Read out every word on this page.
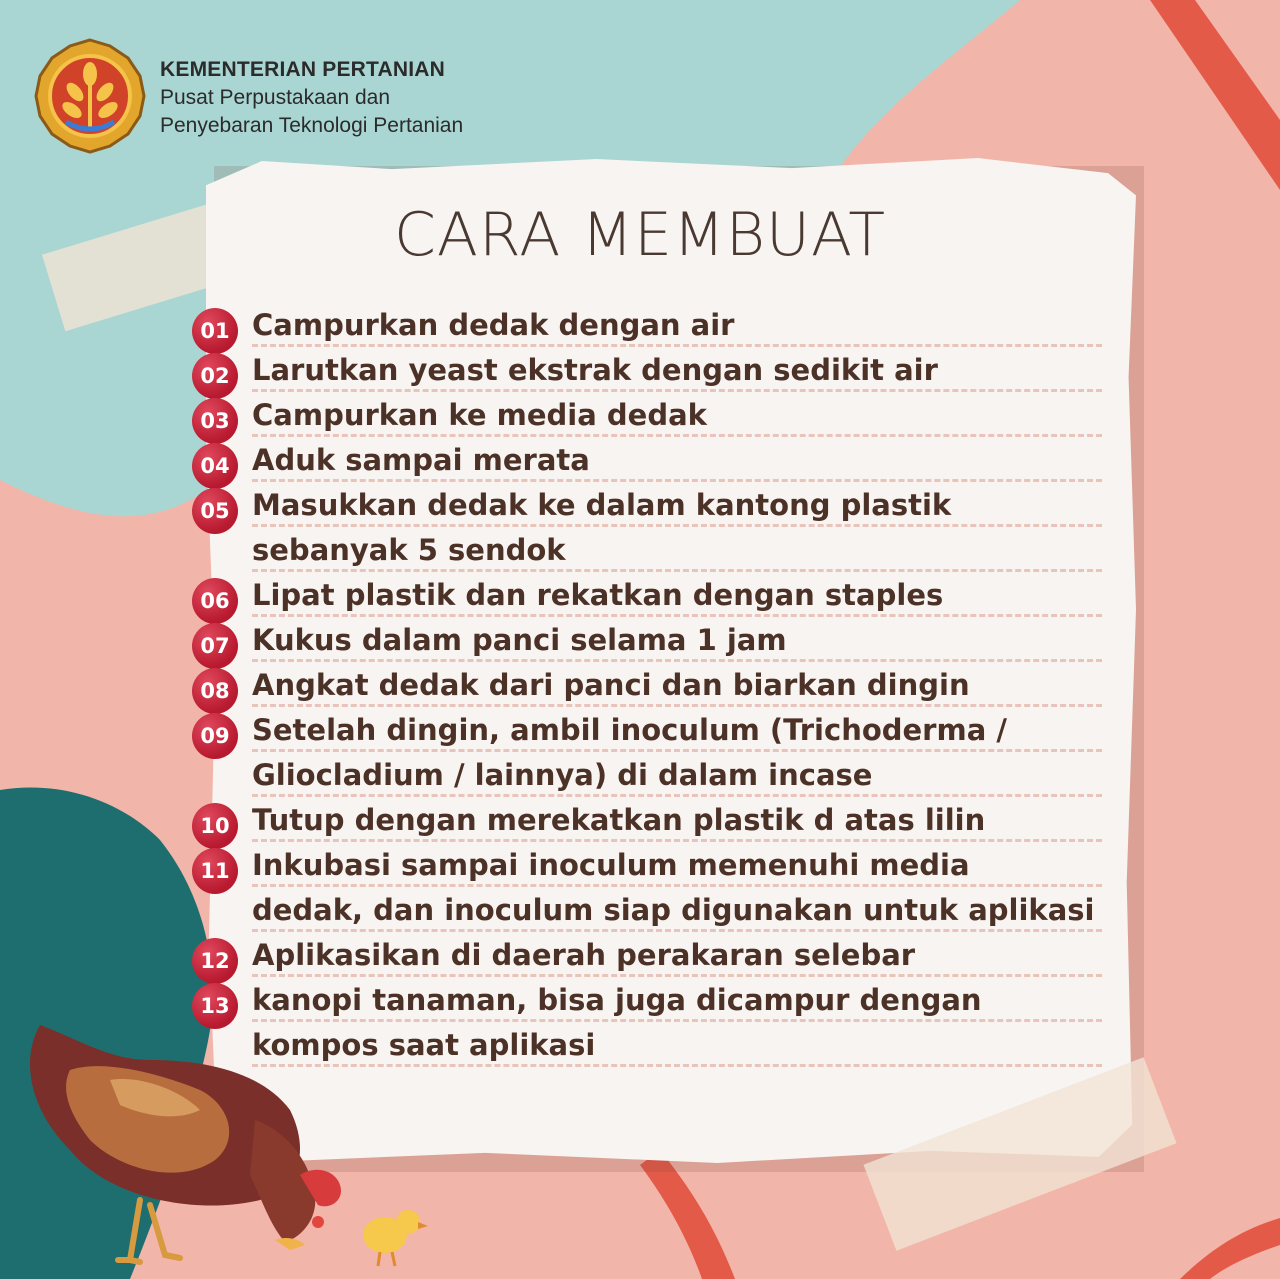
KEMENTERIAN PERTANIAN
Pusat Perpustakaan dan
Penyebaran Teknologi Pertanian
CARA MEMBUAT
01 Campurkan dedak dengan air
02 Larutkan yeast ekstrak dengan sedikit air
03 Campurkan ke media dedak
04 Aduk sampai merata
05 Masukkan dedak ke dalam kantong plastik
sebanyak 5 sendok
06 Lipat plastik dan rekatkan dengan staples
07 Kukus dalam panci selama 1 jam
08 Angkat dedak dari panci dan biarkan dingin
09 Setelah dingin, ambil inoculum (Trichoderma /
Gliocladium / lainnya) di dalam incase
10 Tutup dengan merekatkan plastik d atas lilin
11 Inkubasi sampai inoculum memenuhi media
dedak, dan inoculum siap digunakan untuk aplikasi
12 Aplikasikan di daerah perakaran selebar
13 kanopi tanaman, bisa juga dicampur dengan
kompos saat aplikasi
